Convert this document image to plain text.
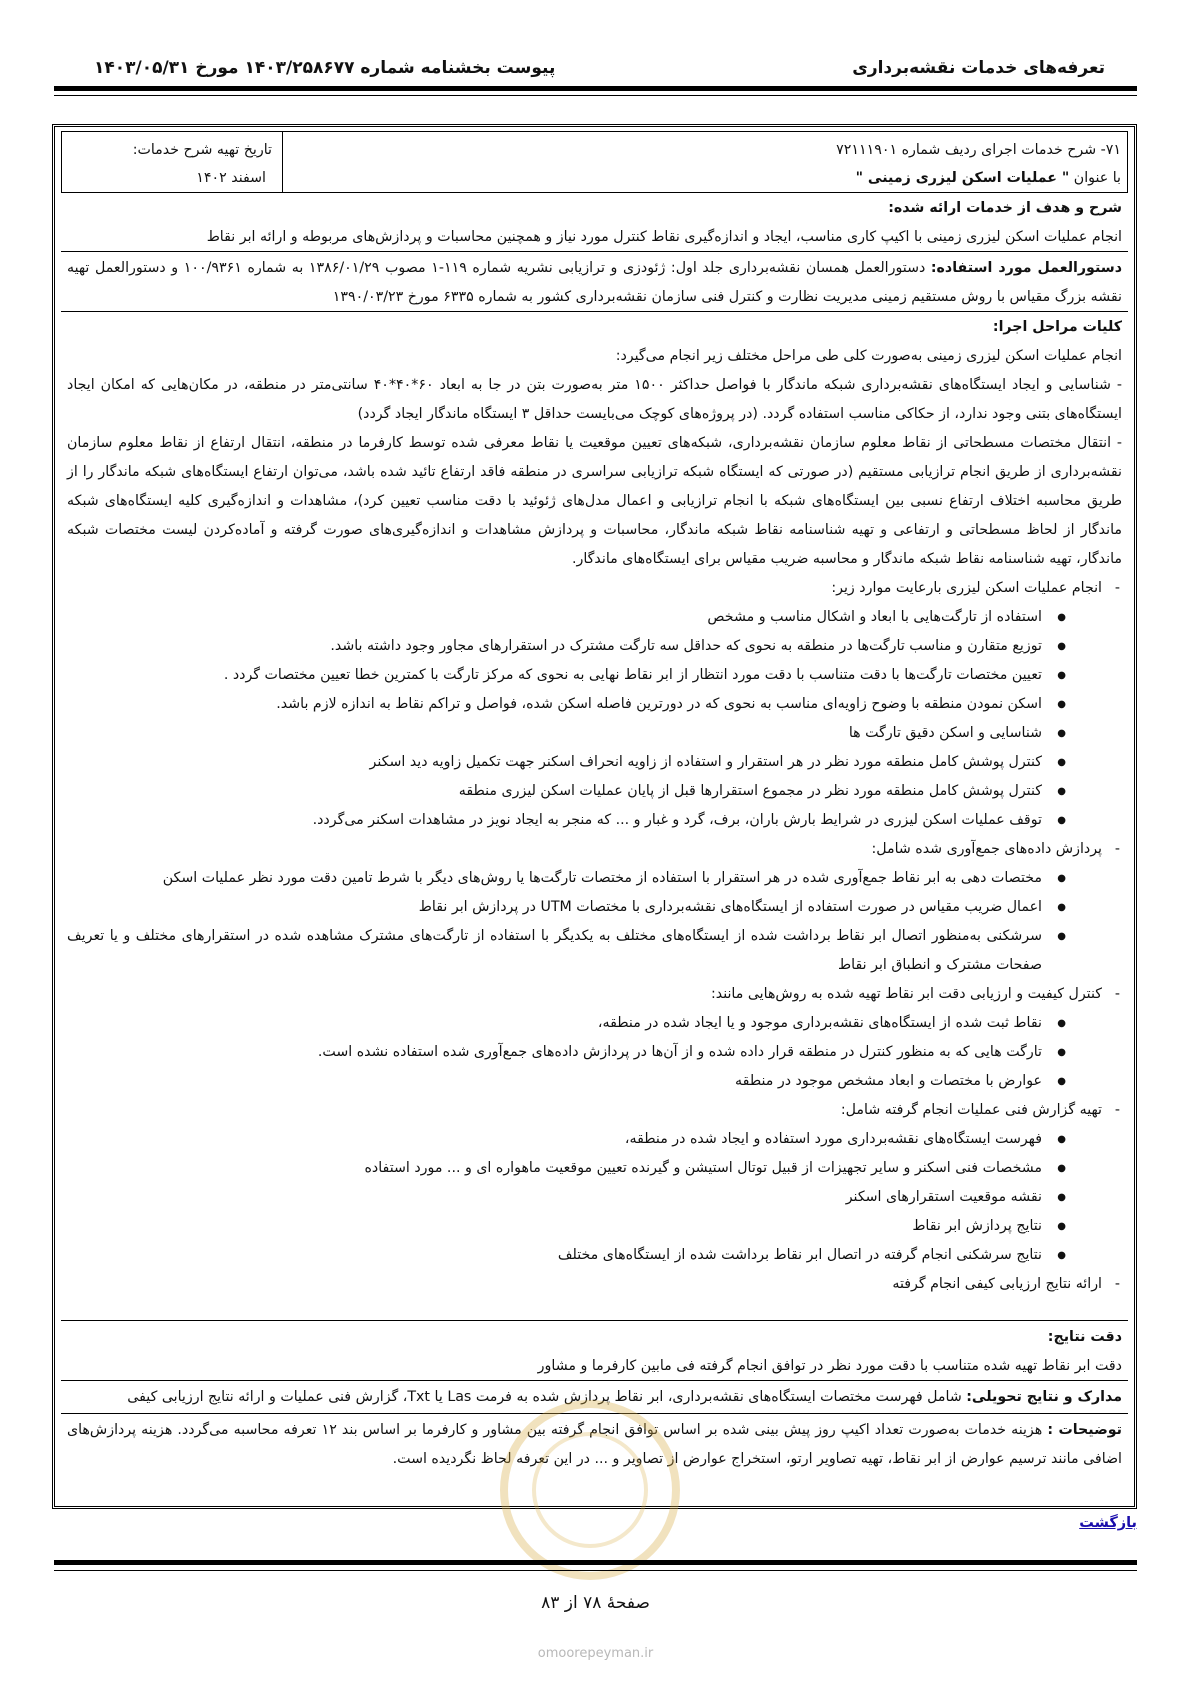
تعرفه‌های خدمات نقشه‌برداری
پیوست بخشنامه شماره ۱۴۰۳/۲۵۸۶۷۷ مورخ ۱۴۰۳/۰۵/۳۱
۷۱- شرح خدمات اجرای ردیف شماره ۷۲۱۱۱۹۰۱
با عنوان " عملیات اسکن لیزری زمینی "
تاریخ تهیه شرح خدمات:
اسفند ۱۴۰۲
شرح و هدف از خدمات ارائه شده:
انجام عملیات اسکن لیزری زمینی با اکیپ کاری مناسب، ایجاد و اندازه‌گیری نقاط کنترل مورد نیاز و همچنین محاسبات و پردازش‌های مربوطه و ارائه ابر نقاط
دستورالعمل مورد استفاده: دستورالعمل همسان نقشه‌برداری جلد اول: ژئودزی و ترازیابی نشریه شماره ۱۱۹-۱ مصوب ۱۳۸۶/۰۱/۲۹ به شماره ۱۰۰/۹۳۶۱ و دستورالعمل تهیه نقشه بزرگ مقیاس با روش مستقیم زمینی مدیریت نظارت و کنترل فنی سازمان نقشه‌برداری کشور به شماره ۶۳۳۵ مورخ ۱۳۹۰/۰۳/۲۳
کلیات مراحل اجرا:
انجام عملیات اسکن لیزری زمینی به‌صورت کلی طی مراحل مختلف زیر انجام می‌گیرد:
- شناسایی و ایجاد ایستگاه‌های نقشه‌برداری شبکه ماندگار با فواصل حداکثر ۱۵۰۰ متر به‌صورت بتن در جا به ابعاد ۶۰*۴۰*۴۰ سانتی‌متر در منطقه، در مکان‌هایی که امکان ایجاد ایستگاه‌های بتنی وجود ندارد، از حکاکی مناسب استفاده گردد. (در پروژه‌های کوچک می‌بایست حداقل ۳ ایستگاه ماندگار ایجاد گردد)
- انتقال مختصات مسطحاتی از نقاط معلوم سازمان نقشه‌برداری، شبکه‌های تعیین موقعیت یا نقاط معرفی شده توسط کارفرما در منطقه، انتقال ارتفاع از نقاط معلوم سازمان نقشه‌برداری از طریق انجام ترازیابی مستقیم (در صورتی که ایستگاه شبکه ترازیابی سراسری در منطقه فاقد ارتفاع تائید شده باشد، می‌توان ارتفاع ایستگاه‌های شبکه ماندگار را از طریق محاسبه اختلاف ارتفاع نسبی بین ایستگاه‌های شبکه با انجام ترازیابی و اعمال مدل‌های ژئوئید با دقت مناسب تعیین کرد)، مشاهدات و اندازه‌گیری کلیه ایستگاه‌های شبکه ماندگار از لحاظ مسطحاتی و ارتفاعی و تهیه شناسنامه نقاط شبکه ماندگار، محاسبات و پردازش مشاهدات و اندازه‌گیری‌های صورت گرفته و آماده‌کردن لیست مختصات شبکه ماندگار، تهیه شناسنامه نقاط شبکه ماندگار و محاسبه ضریب مقیاس برای ایستگاه‌های ماندگار.
- انجام عملیات اسکن لیزری بارعایت موارد زیر:
● استفاده از تارگت‌هایی با ابعاد و اشکال مناسب و مشخص
● توزیع متقارن و مناسب تارگت‌ها در منطقه به نحوی که حداقل سه تارگت مشترک در استقرارهای مجاور وجود داشته باشد.
● تعیین مختصات تارگت‌ها با دقت متناسب با دقت مورد انتظار از ابر نقاط نهایی به نحوی که مرکز تارگت با کمترین خطا تعیین مختصات گردد .
● اسکن نمودن منطقه با وضوح زاویه‌ای مناسب به نحوی که در دورترین فاصله اسکن شده، فواصل و تراکم نقاط به اندازه لازم باشد.
● شناسایی و اسکن دقیق تارگت ها
● کنترل پوشش کامل منطقه مورد نظر در هر استقرار و استفاده از زاویه انحراف اسکنر جهت تکمیل زاویه دید اسکنر
● کنترل پوشش کامل منطقه مورد نظر در مجموع استقرارها قبل از پایان عملیات اسکن لیزری منطقه
● توقف عملیات اسکن لیزری در شرایط بارش باران، برف، گرد و غبار و ... که منجر به ایجاد نویز در مشاهدات اسکنر می‌گردد.
- پردازش داده‌های جمع‌آوری شده شامل:
● مختصات دهی به ابر نقاط جمع‌آوری شده در هر استقرار با استفاده از مختصات تارگت‌ها یا روش‌های دیگر با شرط تامین دقت مورد نظر عملیات اسکن
● اعمال ضریب مقیاس در صورت استفاده از ایستگاه‌های نقشه‌برداری با مختصات UTM در پردازش ابر نقاط
● سرشکنی به‌منظور اتصال ابر نقاط برداشت شده از ایستگاه‌های مختلف به یکدیگر با استفاده از تارگت‌های مشترک مشاهده شده در استقرارهای مختلف و یا تعریف صفحات مشترک و انطباق ابر نقاط
- کنترل کیفیت و ارزیابی دقت ابر نقاط تهیه شده به روش‌هایی مانند:
● نقاط ثبت شده از ایستگاه‌های نقشه‌برداری موجود و یا ایجاد شده در منطقه،
● تارگت هایی که به منظور کنترل در منطقه قرار داده شده و از آن‌ها در پردازش داده‌های جمع‌آوری شده استفاده نشده است.
● عوارض با مختصات و ابعاد مشخص موجود در منطقه
- تهیه گزارش فنی عملیات انجام گرفته شامل:
● فهرست ایستگاه‌های نقشه‌برداری مورد استفاده و ایجاد شده در منطقه،
● مشخصات فنی اسکنر و سایر تجهیزات از قبیل توتال استیشن و گیرنده تعیین موقعیت ماهواره ای و ... مورد استفاده
● نقشه موقعیت استقرارهای اسکنر
● نتایج پردازش ابر نقاط
● نتایج سرشکنی انجام گرفته در اتصال ابر نقاط برداشت شده از ایستگاه‌های مختلف
- ارائه نتایج ارزیابی کیفی انجام گرفته
دقت نتایج:
دقت ابر نقاط تهیه شده متناسب با دقت مورد نظر در توافق انجام گرفته فی مابین کارفرما و مشاور
مدارک و نتایج تحویلی: شامل فهرست مختصات ایستگاه‌های نقشه‌برداری، ابر نقاط پردازش شده به فرمت Las یا Txt، گزارش فنی عملیات و ارائه نتایج ارزیابی کیفی
توضیحات : هزینه خدمات به‌صورت تعداد اکیپ روز پیش بینی شده بر اساس توافق انجام گرفته بین مشاور و کارفرما بر اساس بند ۱۲ تعرفه محاسبه می‌گردد. هزینه پردازش‌های اضافی مانند ترسیم عوارض از ابر نقاط، تهیه تصاویر ارتو، استخراج عوارض از تصاویر و ... در این تعرفه لحاظ نگردیده است.
بازگشت
صفحهٔ ۷۸ از ۸۳
omoorepeyman.ir
